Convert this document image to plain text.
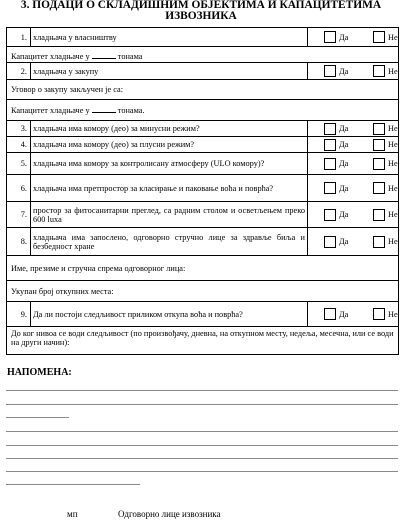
3. ПОДАЦИ О СКЛАДИШНИМ ОБЈЕКТИМА И КАПАЦИТЕТИМА
ИЗВОЗНИКА
1.	хладњача у власништву	Да Не

Капацитет хладњаче у тонама		
2.	хладњача у закупу	Да Не

Уговор о закупу закључен је са:		
Капацитет хладњаче у тонама.		
3.	хладњача има комору (део) за минусни режим?	Да Не

4.	хладњача има комору (део) за плусни режим?	Да Не

5.	хладњача има комору за контролисану атмосферу (ULO комору)?	Да Не

6.	хладњача има претпростор за класирање и паковање воћа и поврћа?	Да Не

7.	простор за фитосанитарни преглед, са радним столом и осветљењем преко 600 luxa	Да Не

8.	хладњача има запослено, одговорно стручно лице за здравље биља и безбедност хране	Да Не

Име, презиме и стручна спрема одговорног лица:		
Укупан број откупних места:		
9.	Да ли постоји следљивост приликом откупа воћа и поврћа?	Да Не

До ког нивоа се води следљивост (по произвођачу, дневна, на откупном месту, недеља, месечна, или се води на други начин):		
НАПОМЕНА:
мп	Одговорно лице извозника
